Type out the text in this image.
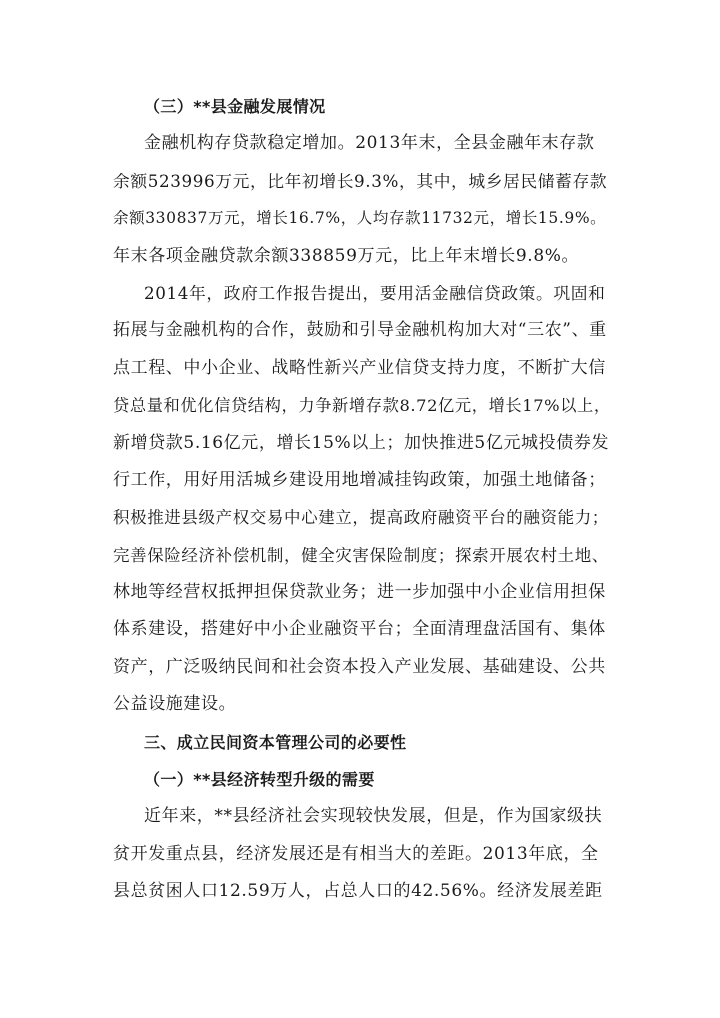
（三）**县金融发展情况
金融机构存贷款稳定增加。2013年末，全县金融年末存款
余额523996万元，比年初增长9.3%，其中，城乡居民储蓄存款
余额330837万元，增长16.7%，人均存款11732元，增长15.9%。
年末各项金融贷款余额338859万元，比上年末增长9.8%。
2014年，政府工作报告提出，要用活金融信贷政策。巩固和
拓展与金融机构的合作，鼓励和引导金融机构加大对“三农”、重
点工程、中小企业、战略性新兴产业信贷支持力度，不断扩大信
贷总量和优化信贷结构，力争新增存款8.72亿元，增长17%以上，
新增贷款5.16亿元，增长15%以上；加快推进5亿元城投债券发
行工作，用好用活城乡建设用地增减挂钩政策，加强土地储备；
积极推进县级产权交易中心建立，提高政府融资平台的融资能力；
完善保险经济补偿机制，健全灾害保险制度；探索开展农村土地、
林地等经营权抵押担保贷款业务；进一步加强中小企业信用担保
体系建设，搭建好中小企业融资平台；全面清理盘活国有、集体
资产，广泛吸纳民间和社会资本投入产业发展、基础建设、公共
公益设施建设。
三、成立民间资本管理公司的必要性
（一）**县经济转型升级的需要
近年来，**县经济社会实现较快发展，但是，作为国家级扶
贫开发重点县，经济发展还是有相当大的差距。2013年底，全
县总贫困人口12.59万人，占总人口的42.56%。经济发展差距
